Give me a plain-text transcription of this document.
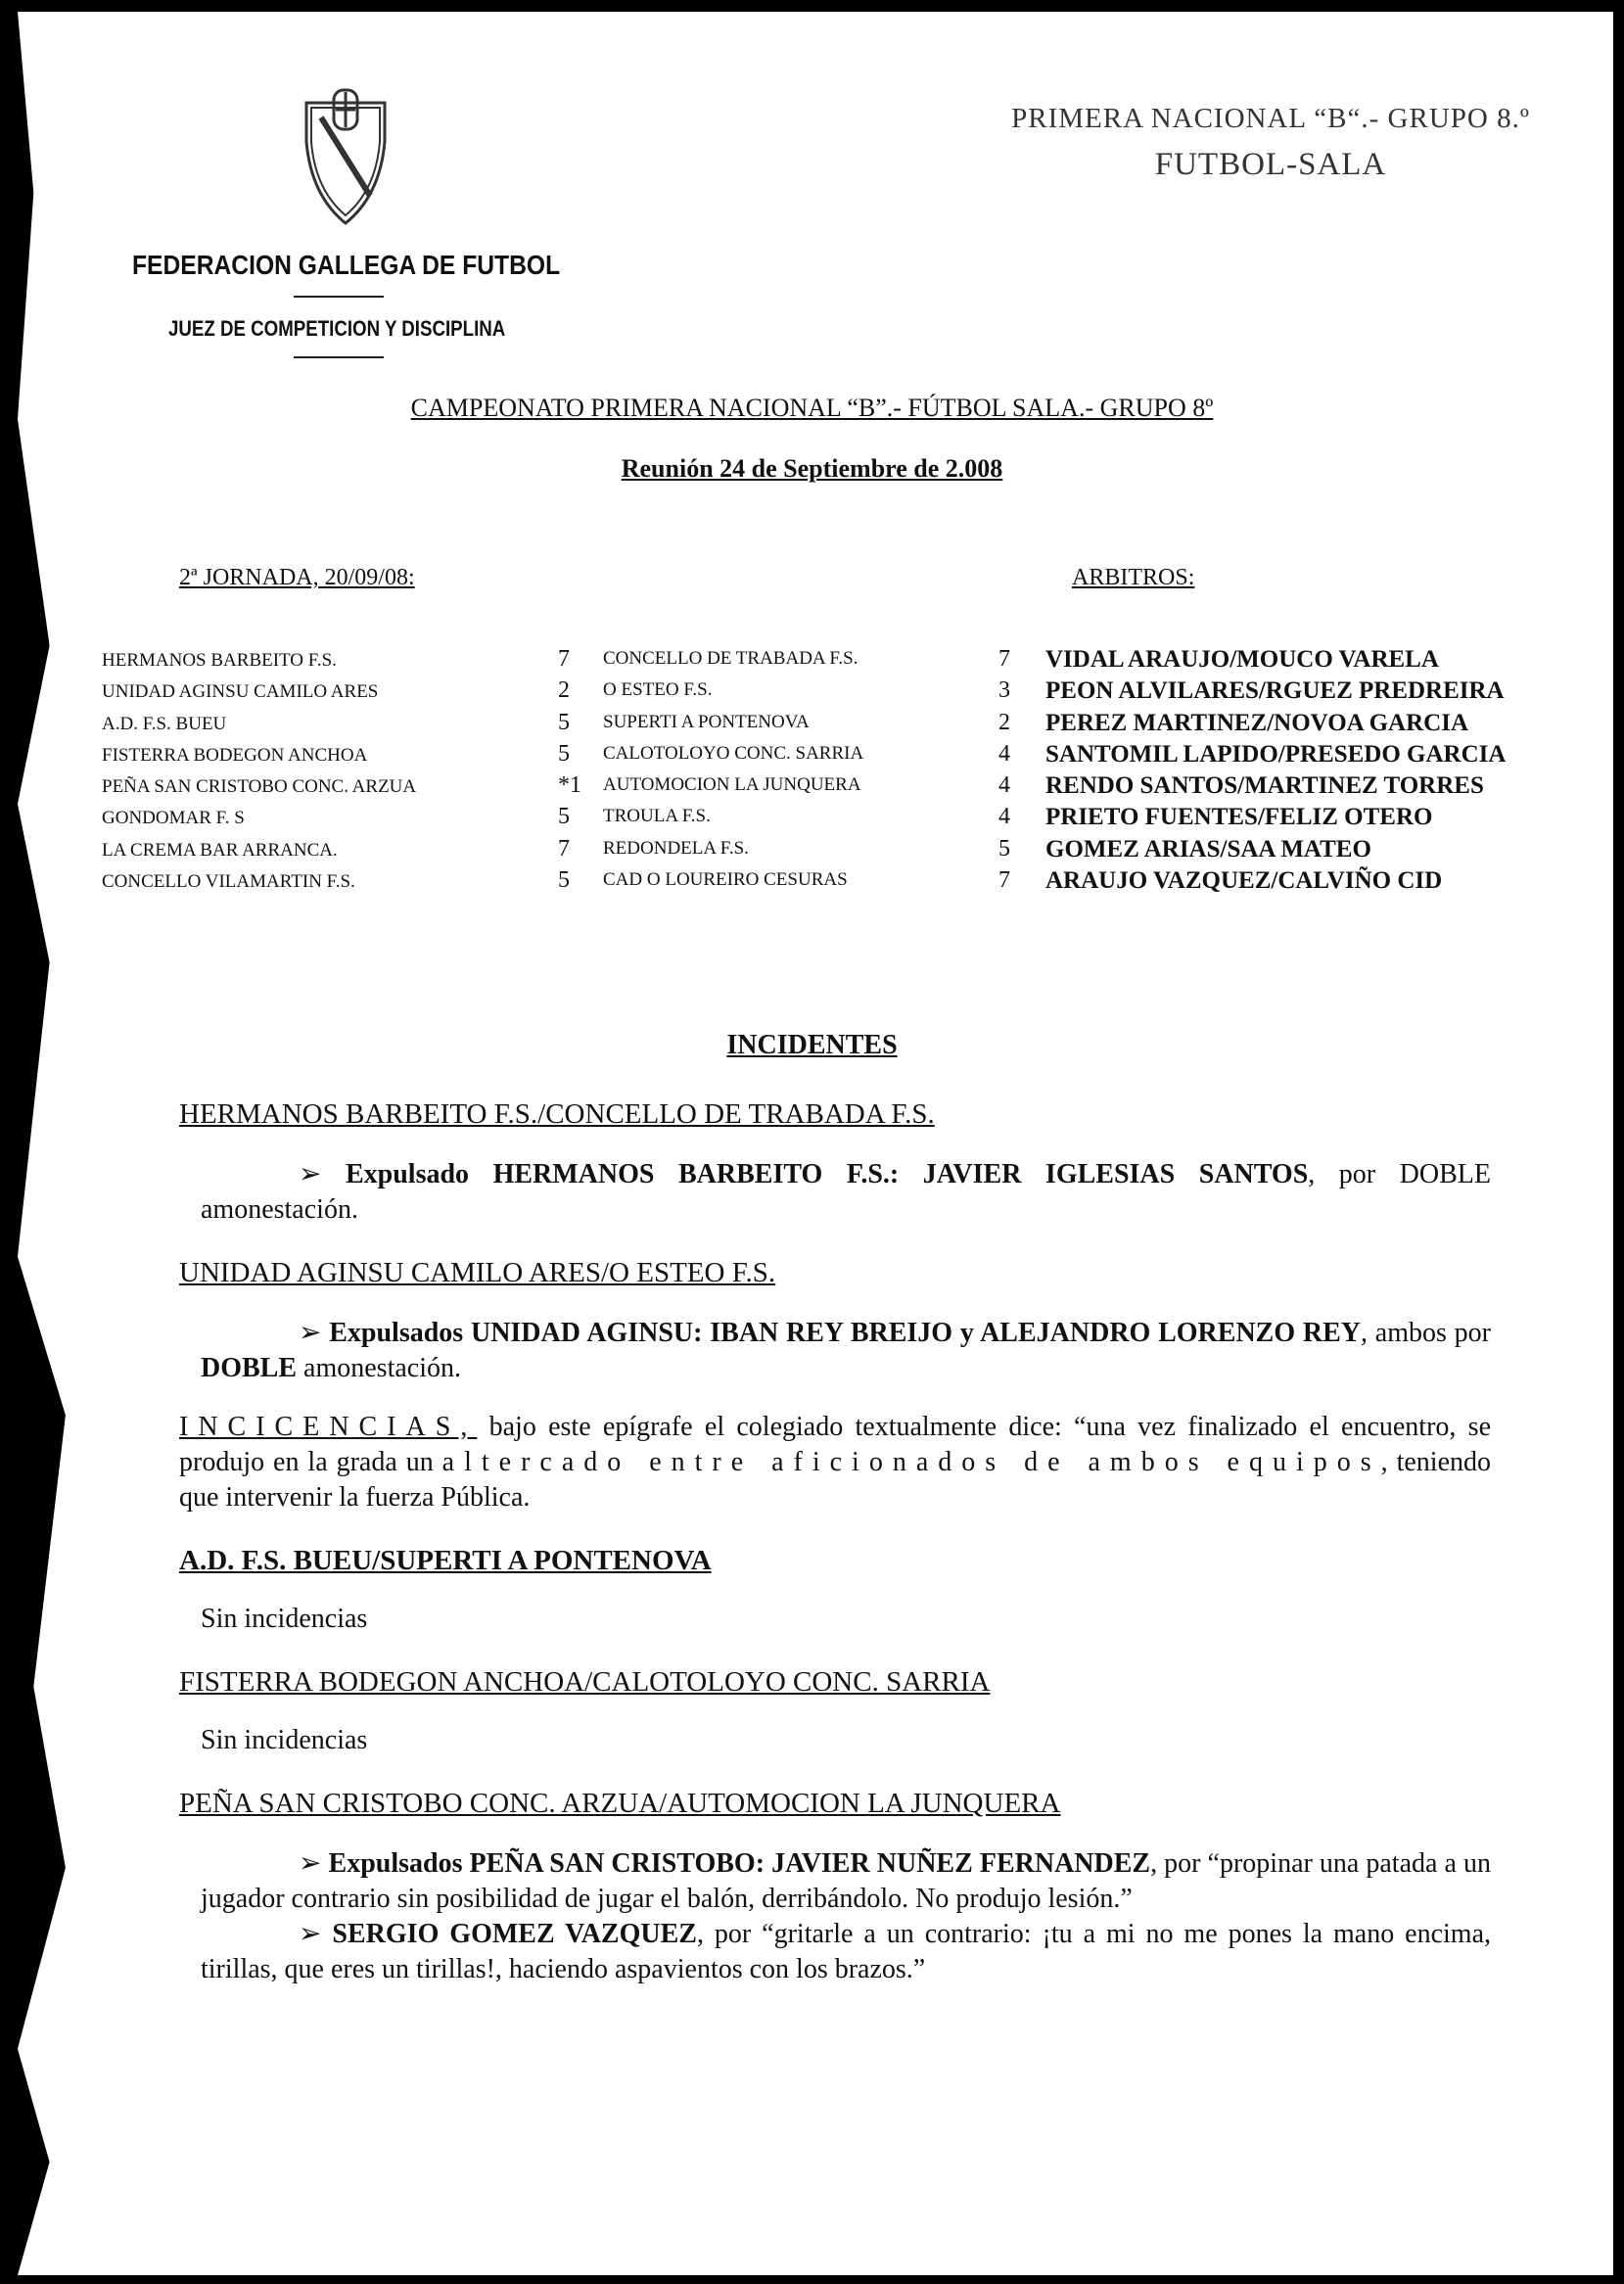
PRIMERA NACIONAL “B“.- GRUPO 8.º
FUTBOL-SALA
FEDERACION GALLEGA DE FUTBOL
JUEZ DE COMPETICION Y DISCIPLINA
CAMPEONATO PRIMERA NACIONAL “B”.- FÚTBOL SALA.- GRUPO 8º
Reunión 24 de Septiembre de 2.008
2ª JORNADA, 20/09/08:	ARBITROS:
HERMANOS BARBEITO F.S.	7 CONCELLO DE TRABADA F.S.	7 VIDAL ARAUJO/MOUCO VARELA
UNIDAD AGINSU CAMILO ARES	2 O ESTEO F.S.	3 PEON ALVILARES/RGUEZ PREDREIRA
A.D. F.S. BUEU	5 SUPERTI A PONTENOVA	2 PEREZ MARTINEZ/NOVOA GARCIA
FISTERRA BODEGON ANCHOA	5 CALOTOLOYO CONC. SARRIA	4 SANTOMIL LAPIDO/PRESEDO GARCIA
PEÑA SAN CRISTOBO CONC. ARZUA	*1 AUTOMOCION LA JUNQUERA	4 RENDO SANTOS/MARTINEZ TORRES
GONDOMAR F. S	5 TROULA F.S.	4 PRIETO FUENTES/FELIZ OTERO
LA CREMA BAR ARRANCA.	7 REDONDELA F.S.	5 GOMEZ ARIAS/SAA MATEO
CONCELLO VILAMARTIN F.S.	5 CAD O LOUREIRO CESURAS	7 ARAUJO VAZQUEZ/CALVIÑO CID
INCIDENTES

HERMANOS BARBEITO F.S./CONCELLO DE TRABADA F.S.

➢ Expulsado HERMANOS BARBEITO F.S.: JAVIER IGLESIAS SANTOS, por DOBLE amonestación.

UNIDAD AGINSU CAMILO ARES/O ESTEO F.S.

➢ Expulsados UNIDAD AGINSU: IBAN REY BREIJO y ALEJANDRO LORENZO REY, ambos por DOBLE amonestación.

INCICENCIAS, bajo este epígrafe el colegiado textualmente dice: “una vez finalizado el encuentro, se produjo en la grada un altercado entre aficionados de ambos equipos, teniendo que intervenir la fuerza Pública.

A.D. F.S. BUEU/SUPERTI A PONTENOVA

Sin incidencias

FISTERRA BODEGON ANCHOA/CALOTOLOYO CONC. SARRIA

Sin incidencias

PEÑA SAN CRISTOBO CONC. ARZUA/AUTOMOCION LA JUNQUERA

➢ Expulsados PEÑA SAN CRISTOBO: JAVIER NUÑEZ FERNANDEZ, por “propinar una patada a un jugador contrario sin posibilidad de jugar el balón, derribándolo. No produjo lesión.”

➢ SERGIO GOMEZ VAZQUEZ, por “gritarle a un contrario: ¡tu a mi no me pones la mano encima, tirillas, que eres un tirillas!, haciendo aspavientos con los brazos.”
